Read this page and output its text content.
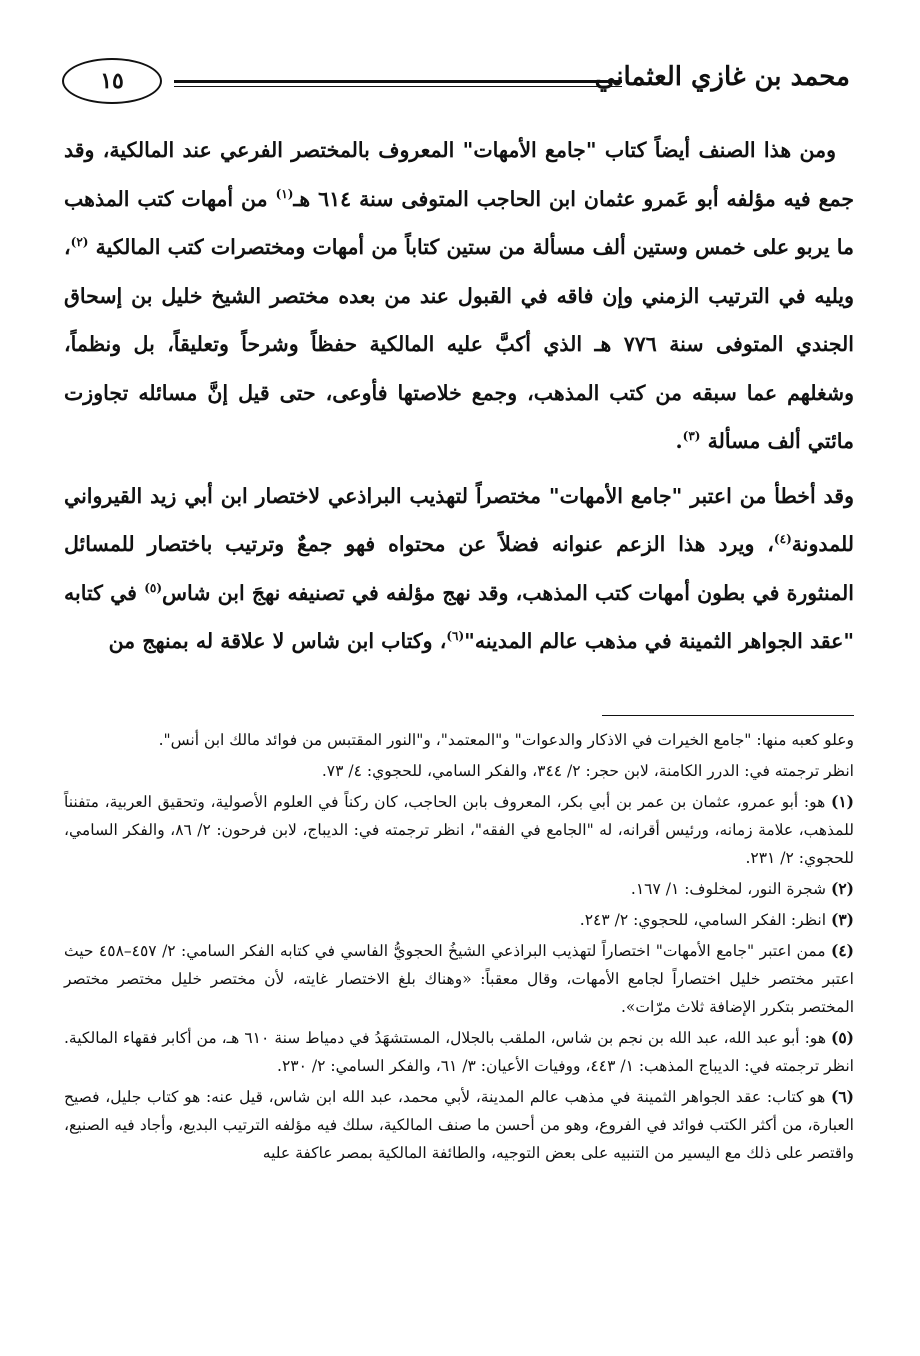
محمد بن غازي العثماني
١٥

ومن هذا الصنف أيضاً كتاب "جامع الأمهات" المعروف بالمختصر الفرعي عند المالكية، وقد جمع فيه مؤلفه أبو عَمرو عثمان ابن الحاجب المتوفى سنة ٦١٤ هـ$^{(١)}$ من أمهات كتب المذهب ما يربو على خمس وستين ألف مسألة من ستين كتاباً من أمهات ومختصرات كتب المالكية $^{(٢)}$، ويليه في الترتيب الزمني وإن فاقه في القبول عند من بعده مختصر الشيخ خليل بن إسحاق الجندي المتوفى سنة ٧٧٦ هـ الذي أكبَّ عليه المالكية حفظاً وشرحاً وتعليقاً، بل ونظماً، وشغلهم عما سبقه من كتب المذهب، وجمع خلاصتها فأوعى، حتى قيل إنَّ مسائله تجاوزت مائتي ألف مسألة $^{(٣)}$.

وقد أخطأ من اعتبر "جامع الأمهات" مختصراً لتهذيب البراذعي لاختصار ابن أبي زيد القيرواني للمدونة$^{(٤)}$، ويرد هذا الزعم عنوانه فضلاً عن محتواه فهو جمعٌ وترتيب باختصار للمسائل المنثورة في بطون أمهات كتب المذهب، وقد نهج مؤلفه في تصنيفه نهجَ ابن شاس$^{(٥)}$ في كتابه "عقد الجواهر الثمينة في مذهب عالم المدينه"$^{(٦)}$، وكتاب ابن شاس لا علاقة له بمنهج من

وعلو كعبه منها: "جامع الخيرات في الاذكار والدعوات" و"المعتمد"، و"النور المقتبس من فوائد مالك ابن أنس".

انظر ترجمته في: الدرر الكامنة، لابن حجر: ٢/ ٣٤٤، والفكر السامي، للحجوي: ٤/ ٧٣.

(١) هو: أبو عمرو، عثمان بن عمر بن أبي بكر، المعروف بابن الحاجب، كان ركناً في العلوم الأصولية، وتحقيق العربية، متفنناً للمذهب، علامة زمانه، ورئيس أقرانه، له "الجامع في الفقه"، انظر ترجمته في: الديباج، لابن فرحون: ٢/ ٨٦، والفكر السامي، للحجوي: ٢/ ٢٣١.

(٢) شجرة النور، لمخلوف: ١/ ١٦٧.

(٣) انظر: الفكر السامي، للحجوي: ٢/ ٢٤٣.

(٤) ممن اعتبر "جامع الأمهات" اختصاراً لتهذيب البراذعي الشيخُ الحجويُّ الفاسي في كتابه الفكر السامي: ٢/ ٤٥٧–٤٥٨ حيث اعتبر مختصر خليل اختصاراً لجامع الأمهات، وقال معقباً: «وهناك بلغ الاختصار غايته، لأن مختصر خليل مختصر مختصر المختصر بتكرر الإضافة ثلاث مرّات».

(٥) هو: أبو عبد الله، عبد الله بن نجم بن شاس، الملقب بالجلال، المستشهَدُ في دمياط سنة ٦١٠ هـ، من أكابر فقهاء المالكية. انظر ترجمته في: الديباج المذهب: ١/ ٤٤٣، ووفيات الأعيان: ٣/ ٦١، والفكر السامي: ٢/ ٢٣٠.

(٦) هو كتاب: عقد الجواهر الثمينة في مذهب عالم المدينة، لأبي محمد، عبد الله ابن شاس، قيل عنه: هو كتاب جليل، فصيح العبارة، من أكثر الكتب فوائد في الفروع، وهو من أحسن ما صنف المالكية، سلك فيه مؤلفه الترتيب البديع، وأجاد فيه الصنيع، واقتصر على ذلك مع اليسير من التنبيه على بعض التوجيه، والطائفة المالكية بمصر عاكفة عليه
